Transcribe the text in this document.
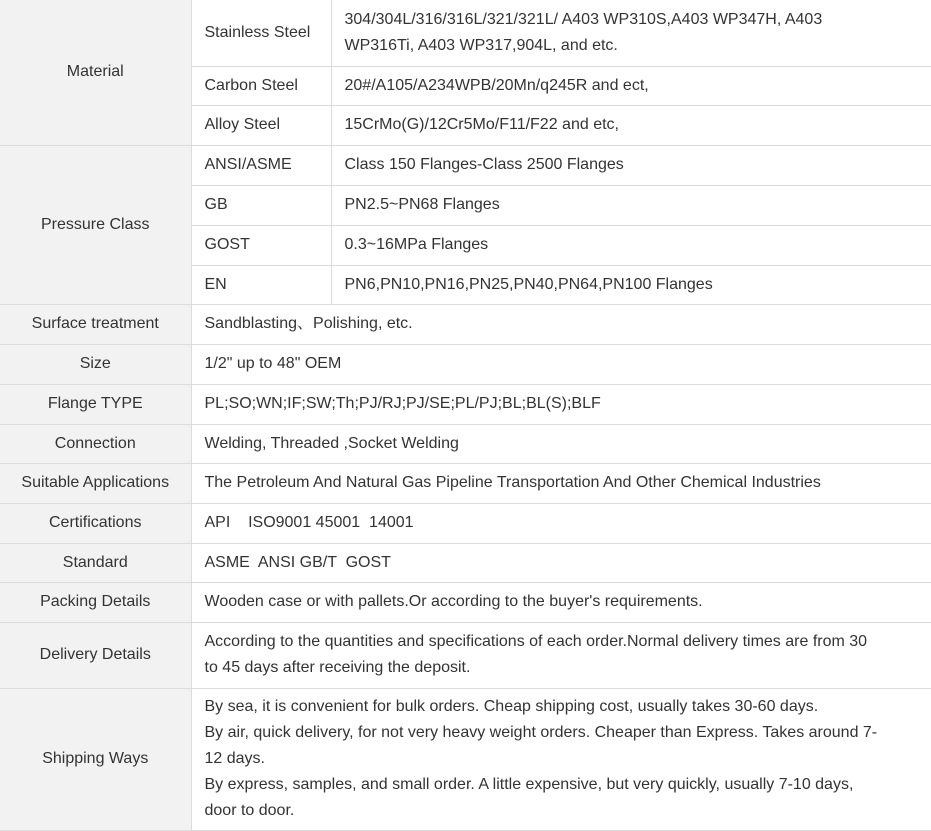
Material	Stainless Steel	304/304L/316/316L/321/321L/ A403 WP310S,A403 WP347H, A403
WP316Ti, A403 WP317,904L, and etc.

	Carbon Steel	20#/A105/A234WPB/20Mn/q245R and ect,
	Alloy Steel	15CrMo(G)/12Cr5Mo/F11/F22 and etc,
Pressure Class	ANSI/ASME	Class 150 Flanges-Class 2500 Flanges
	GB	PN2.5~PN68 Flanges
	GOST	0.3~16MPa Flanges
	EN	PN6,PN10,PN16,PN25,PN40,PN64,PN100 Flanges
Surface treatment	Sandblasting、Polishing, etc.	
Size	1/2" up to 48" OEM	
Flange TYPE	PL;SO;WN;IF;SW;Th;PJ/RJ;PJ/SE;PL/PJ;BL;BL(S);BLF	
Connection	Welding, Threaded ,Socket Welding	
Suitable Applications	The Petroleum And Natural Gas Pipeline Transportation And Other Chemical Industries	
Certifications	API    ISO9001 45001  14001	
Standard	ASME  ANSI GB/T  GOST	
Packing Details	Wooden case or with pallets.Or according to the buyer's requirements.	
Delivery Details	According to the quantities and specifications of each order.Normal delivery times are from 30
to 45 days after receiving the deposit.	

Shipping Ways	By sea, it is convenient for bulk orders. Cheap shipping cost, usually takes 30-60 days.
By air, quick delivery, for not very heavy weight orders. Cheaper than Express. Takes around 7-
12 days.
By express, samples, and small order. A little expensive, but very quickly, usually 7-10 days,
door to door.	
